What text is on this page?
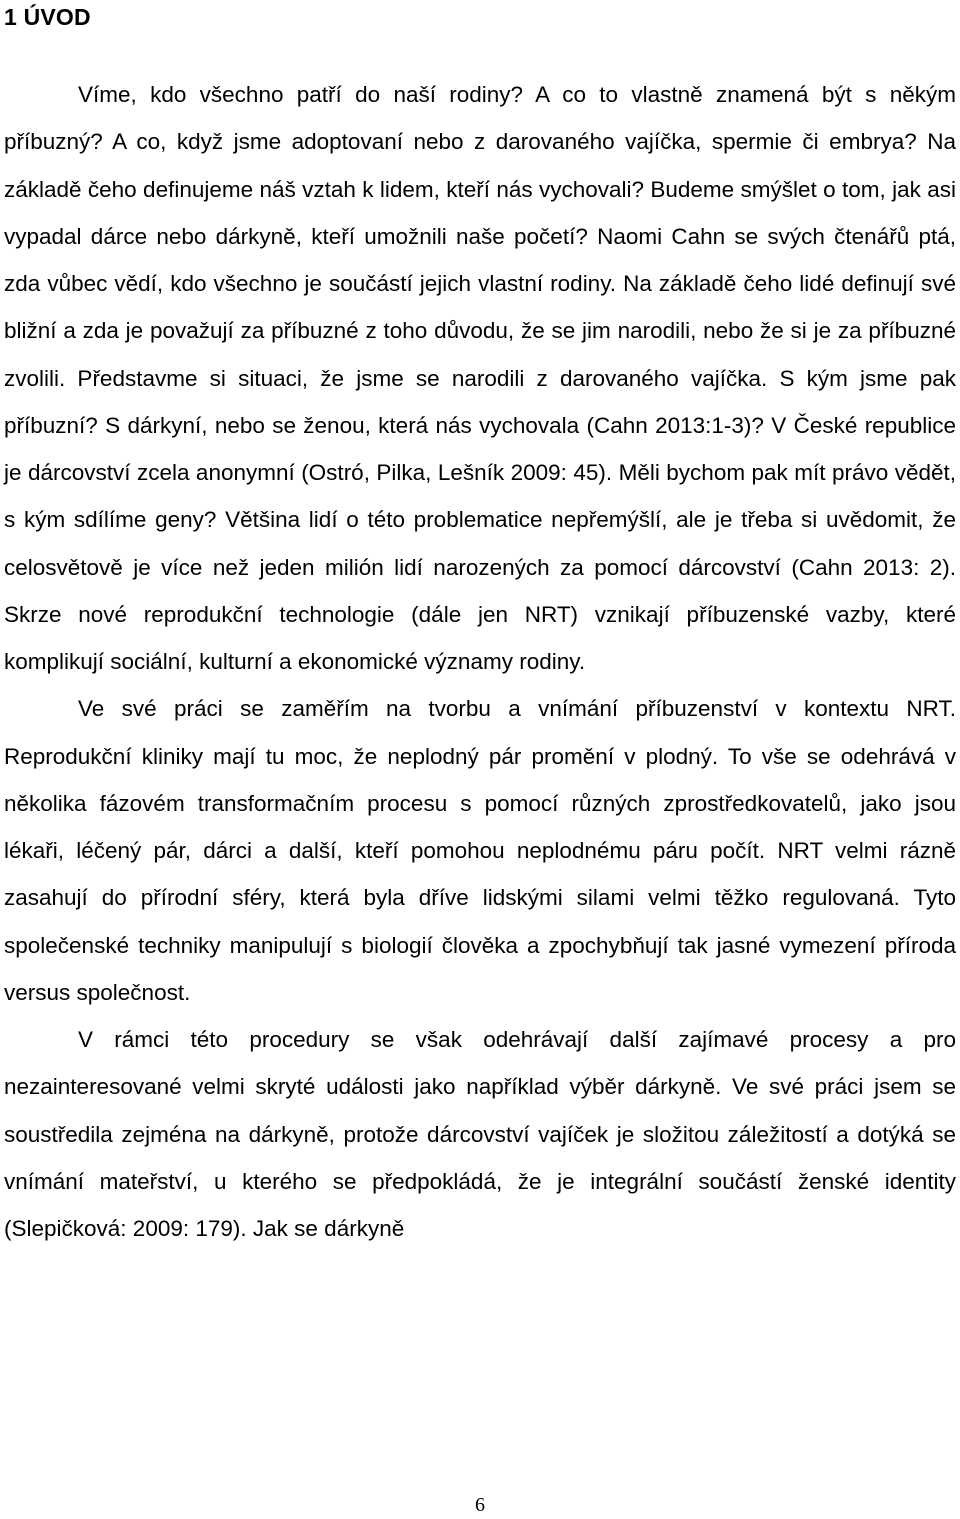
1 ÚVOD

Víme, kdo všechno patří do naší rodiny? A co to vlastně znamená být s někým příbuzný? A co, když jsme adoptovaní nebo z darovaného vajíčka, spermie či embrya? Na základě čeho definujeme náš vztah k lidem, kteří nás vychovali? Budeme smýšlet o tom, jak asi vypadal dárce nebo dárkyně, kteří umožnili naše početí? Naomi Cahn se svých čtenářů ptá, zda vůbec vědí, kdo všechno je součástí jejich vlastní rodiny. Na základě čeho lidé definují své bližní a zda je považují za příbuzné z toho důvodu, že se jim narodili, nebo že si je za příbuzné zvolili. Představme si situaci, že jsme se narodili z darovaného vajíčka. S kým jsme pak příbuzní? S dárkyní, nebo se ženou, která nás vychovala (Cahn 2013:1-3)? V České republice je dárcovství zcela anonymní (Ostró, Pilka, Lešník 2009: 45). Měli bychom pak mít právo vědět, s kým sdílíme geny? Většina lidí o této problematice nepřemýšlí, ale je třeba si uvědomit, že celosvětově je více než jeden milión lidí narozených za pomocí dárcovství (Cahn 2013: 2). Skrze nové reprodukční technologie (dále jen NRT) vznikají příbuzenské vazby, které komplikují sociální, kulturní a ekonomické významy rodiny.

Ve své práci se zaměřím na tvorbu a vnímání příbuzenství v kontextu NRT. Reprodukční kliniky mají tu moc, že neplodný pár promění v plodný. To vše se odehrává v několika fázovém transformačním procesu s pomocí různých zprostředkovatelů, jako jsou lékaři, léčený pár, dárci a další, kteří pomohou neplodnému páru počít. NRT velmi rázně zasahují do přírodní sféry, která byla dříve lidskými silami velmi těžko regulovaná. Tyto společenské techniky manipulují s biologií člověka a zpochybňují tak jasné vymezení příroda versus společnost.

V rámci této procedury se však odehrávají další zajímavé procesy a pro nezainteresované velmi skryté události jako například výběr dárkyně. Ve své práci jsem se soustředila zejména na dárkyně, protože dárcovství vajíček je složitou záležitostí a dotýká se vnímání mateřství, u kterého se předpokládá, že je integrální součástí ženské identity (Slepičková: 2009: 179). Jak se dárkyně

6
